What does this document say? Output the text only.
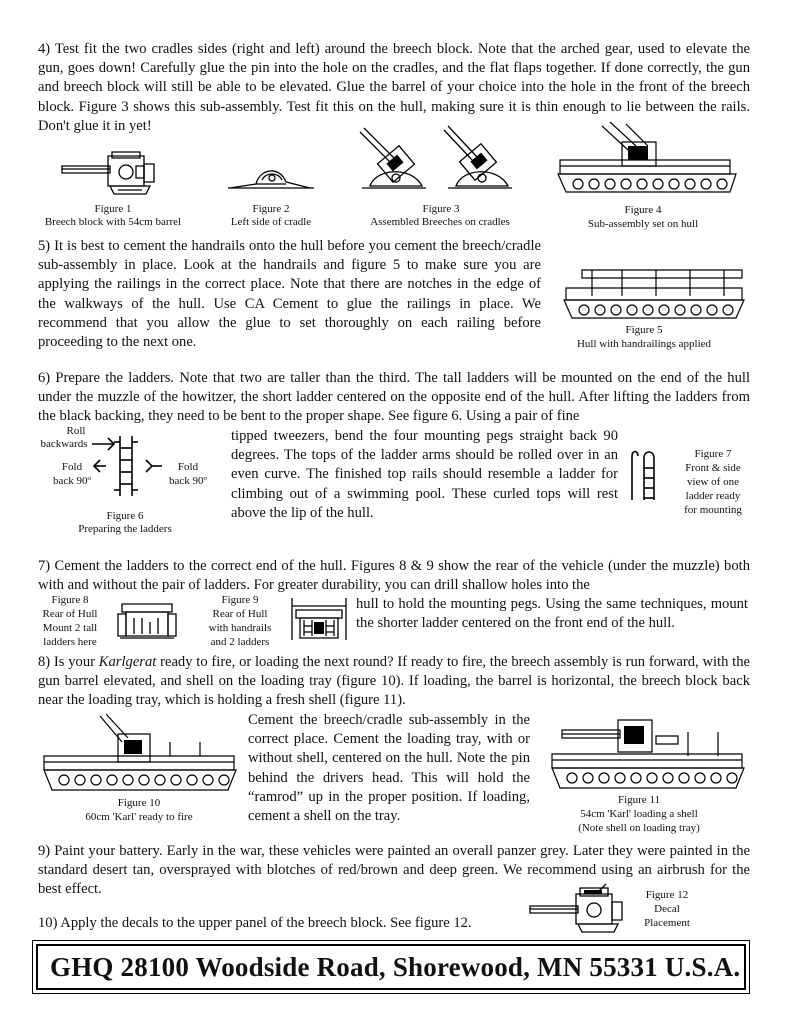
4) Test fit the two cradles sides (right and left) around the breech block. Note that the arched gear, used to elevate the gun, goes down! Carefully glue the pin into the hole on the cradles, and the flat flaps together. If done correctly, the gun and breech block will still be able to be elevated. Glue the barrel of your choice into the hole in the front of the breech block. Figure 3 shows this sub-assembly. Test fit this on the hull, making sure it is thin enough to lie between the rails. Don't glue it in yet!

Figure 1
Breech block with 54cm barrel
Figure 2
Left side of cradle
Figure 3
Assembled Breeches on cradles
Figure 4
Sub-assembly set on hull

5) It is best to cement the handrails onto the hull before you cement the breech/cradle sub-assembly in place. Look at the handrails and figure 5 to make sure you are applying the railings in the correct place. Note that there are notches in the edge of the walkways of the hull. Use CA Cement to glue the railings in place. We recommend that you allow the glue to set thoroughly on each railing before proceeding to the next one.

Figure 5
Hull with handrailings applied

6) Prepare the ladders. Note that two are taller than the third. The tall ladders will be mounted on the end of the hull under the muzzle of the howitzer, the short ladder centered on the opposite end of the hull. After lifting the ladders from the black backing, they need to be bent to the proper shape. See figure 6. Using a pair of fine

tipped tweezers, bend the four mounting pegs straight back 90 degrees. The tops of the ladder arms should be rolled over in an even curve. The finished top rails should resemble a ladder for climbing out of a swimming pool. These curled tops will rest above the lip of the hull.

Roll
backwards
Fold
back 90º
Fold
back 90º
Figure 6
Preparing the ladders
Figure 7
Front & side
view of one
ladder ready
for mounting

7) Cement the ladders to the correct end of the hull. Figures 8 & 9 show the rear of the vehicle (under the muzzle) both with and without the pair of ladders. For greater durability, you can drill shallow holes into the

hull to hold the mounting pegs. Using the same techniques, mount the shorter ladder centered on the front end of the hull.

Figure 8
Rear of Hull
Mount 2 tall
ladders here
Figure 9
Rear of Hull
with handrails
and 2 ladders

8) Is your Karlgerat ready to fire, or loading the next round? If ready to fire, the breech assembly is run forward, with the gun barrel elevated, and shell on the loading tray (figure 10). If loading, the barrel is horizontal, the breech block back near the loading tray, which is holding a fresh shell (figure 11).

Cement the breech/cradle sub-assembly in the correct place. Cement the loading tray, with or without shell, centered on the hull. Note the pin behind the drivers head. This will hold the “ramrod” up in the proper position. If loading, cement a shell on the tray.

Figure 10
60cm 'Karl' ready to fire
Figure 11
54cm 'Karl' loading a shell
(Note shell on loading tray)

9) Paint your battery. Early in the war, these vehicles were painted an overall panzer grey. Later they were painted in the standard desert tan, oversprayed with blotches of red/brown and deep green. We recommend using an airbrush for the best effect.

10) Apply the decals to the upper panel of the breech block. See figure 12.

Figure 12
Decal
Placement
GHQ 28100 Woodside Road, Shorewood, MN 55331 U.S.A.
